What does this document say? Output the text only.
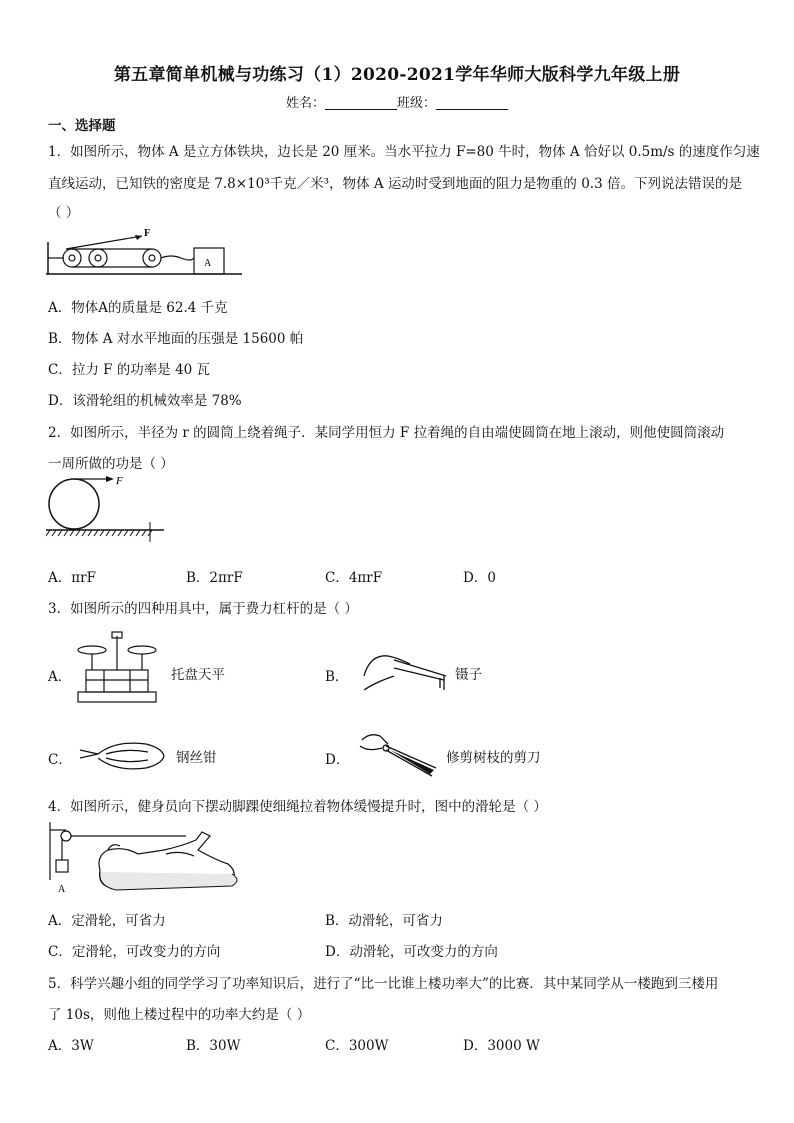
第五章简单机械与功练习（1）2020-2021学年华师大版科学九年级上册
姓名：	班级：
一、选择题
1．如图所示，物体 A 是立方体铁块，边长是 20 厘米。当水平拉力 F=80 牛时，物体 A 恰好以 0.5m/s 的速度作匀速
直线运动，已知铁的密度是 7.8×10³千克／米³，物体 A 运动时受到地面的阻力是物重的 0.3 倍。下列说法错误的是
（ ）
F
A
A．物体A的质量是 62.4 千克
B．物体 A 对水平地面的压强是 15600 帕
C．拉力 F 的功率是 40 瓦
D．该滑轮组的机械效率是 78%
2．如图所示，半径为 r 的圆筒上绕着绳子．某同学用恒力 F 拉着绳的自由端使圆筒在地上滚动，则他使圆筒滚动
一周所做的功是（ ）
F
A．πrF	B．2πrF	C．4πrF	D．0
3．如图所示的四种用具中，属于费力杠杆的是（ ）
A．	托盘天平	B．	镊子
C．	钢丝钳	D．	修剪树枝的剪刀
4．如图所示，健身员向下摆动脚踝使细绳拉着物体缓慢提升时，图中的滑轮是（ ）
A
A．定滑轮，可省力	B．动滑轮，可省力
C．定滑轮，可改变力的方向	D．动滑轮，可改变力的方向
5．科学兴趣小组的同学学习了功率知识后，进行了“比一比谁上楼功率大”的比赛．其中某同学从一楼跑到三楼用
了 10s，则他上楼过程中的功率大约是（ ）
A．3W	B．30W	C．300W	D．3000 W
